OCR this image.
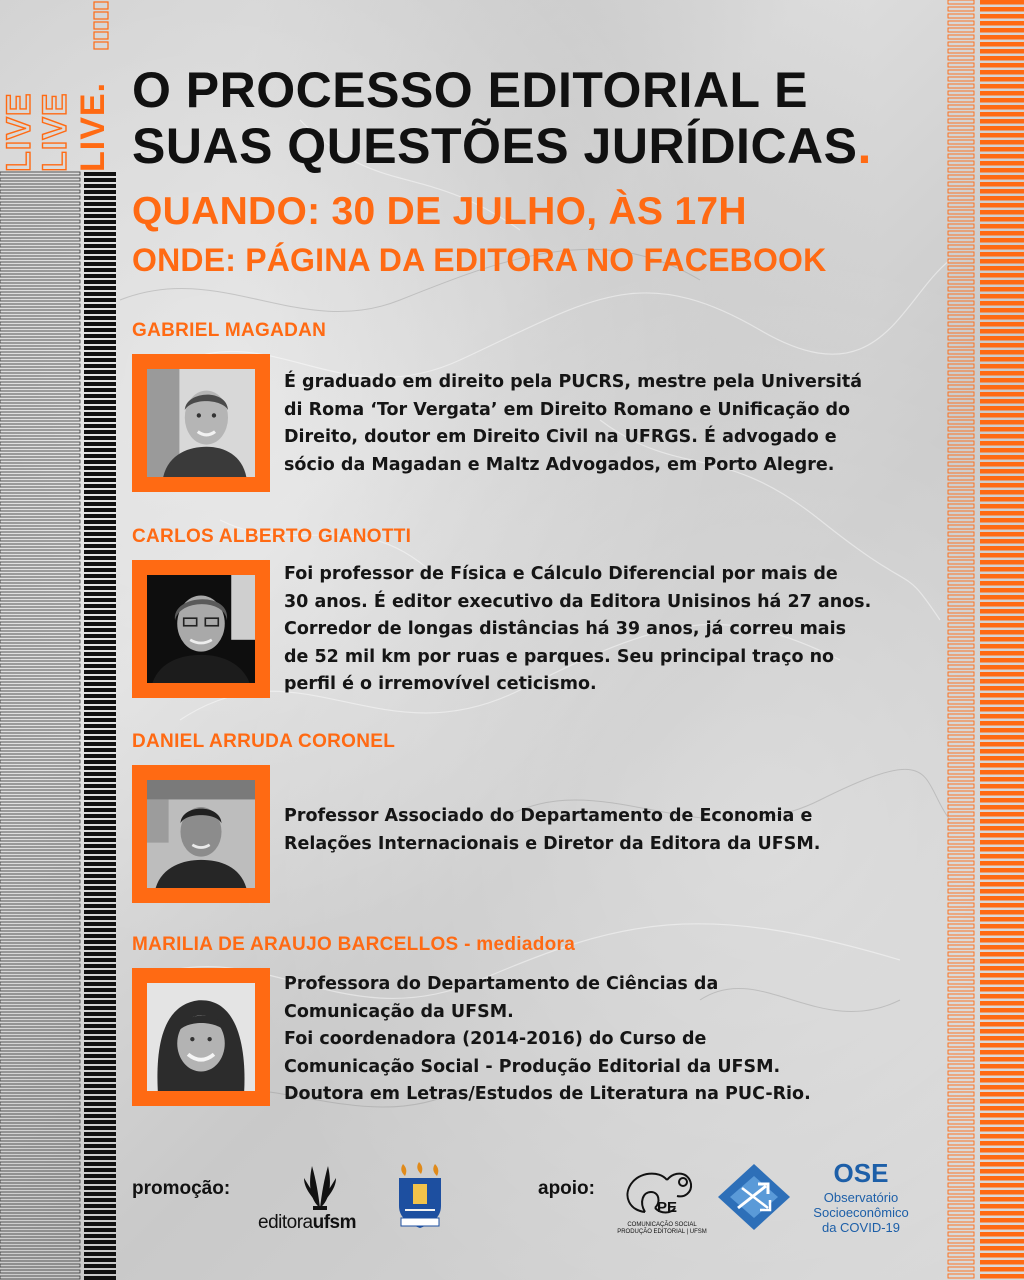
LIVE
LIVE LIVE. O PROCESSO EDITORIAL E
SUAS QUESTÕES JURÍDICAS.
QUANDO: 30 DE JULHO, ÀS 17H
ONDE: PÁGINA DA EDITORA NO FACEBOOK
GABRIEL MAGADAN

É graduado em direito pela PUCRS, mestre pela Universitá

di Roma ‘Tor Vergata’ em Direito Romano e Unificação do

Direito, doutor em Direito Civil na UFRGS. É advogado e

sócio da Magadan e Maltz Advogados, em Porto Alegre.

CARLOS ALBERTO GIANOTTI

Foi professor de Física e Cálculo Diferencial por mais de

30 anos. É editor executivo da Editora Unisinos há 27 anos.

Corredor de longas distâncias há 39 anos, já correu mais

de 52 mil km por ruas e parques. Seu principal traço no

perfil é o irremovível ceticismo.

DANIEL ARRUDA CORONEL

Professor Associado do Departamento de Economia e

Relações Internacionais e Diretor da Editora da UFSM.

MARILIA DE ARAUJO BARCELLOS - mediadora

Professora do Departamento de Ciências da

Comunicação da UFSM.

Foi coordenadora (2014-2016) do Curso de

Comunicação Social - Produção Editorial da UFSM.

Doutora em Letras/Estudos de Literatura na PUC-Rio.

promoção:
editoraufsm
apoio:
PE
COMUNICAÇÃO SOCIAL
PRODUÇÃO EDITORIAL | UFSM
OSE
Observatório
Socioeconômico
da COVID-19
